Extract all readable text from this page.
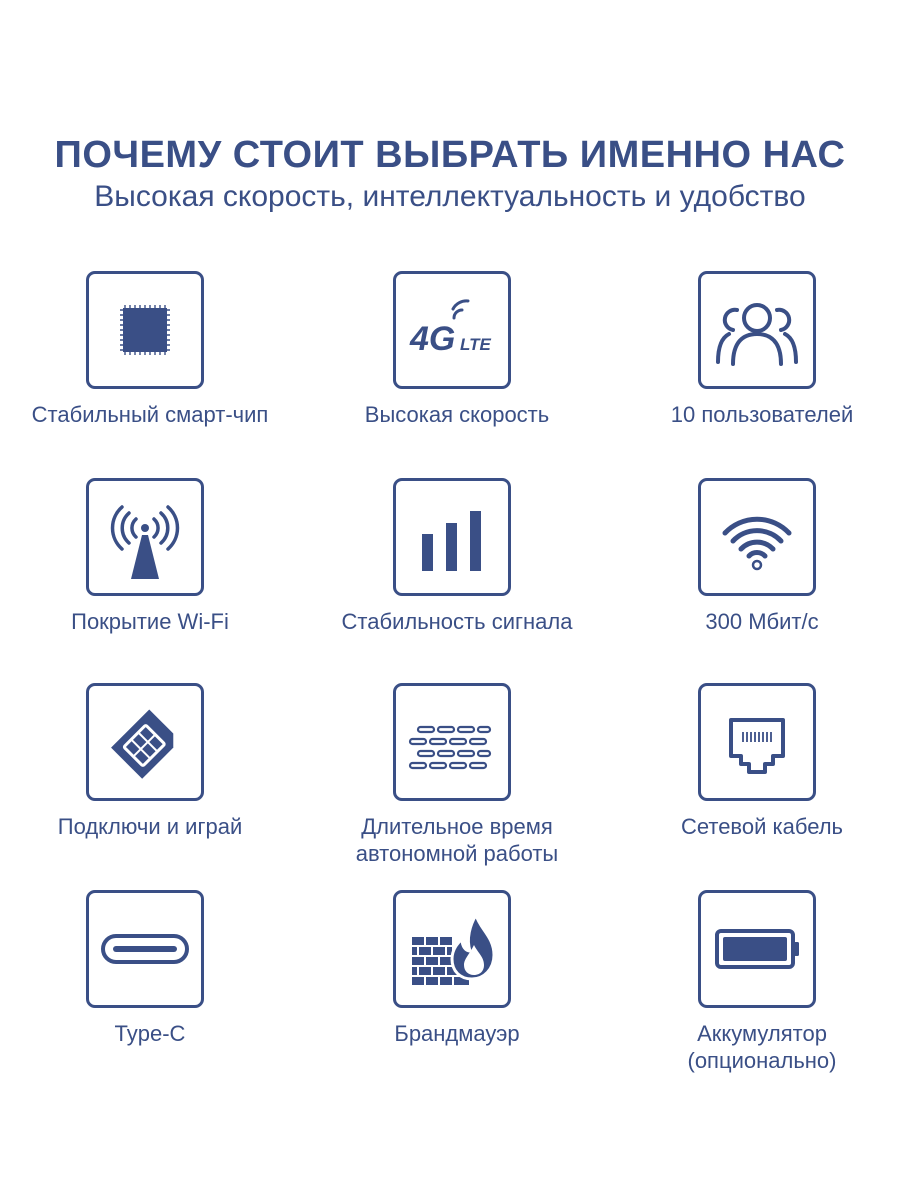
ПОЧЕМУ СТОИТ ВЫБРАТЬ ИМЕННО НАС
Высокая скорость, интеллектуальность и удобство
Стабильный смарт-чип
4G LTE
Высокая скорость	10 пользователей
Покрытие Wi-Fi	Стабильность сигнала	300 Мбит/с
Подключи и играй	Длительное время
автономной работы
Сетевой кабель
Type-C	Брандмауэр	Аккумулятор
(опционально)
